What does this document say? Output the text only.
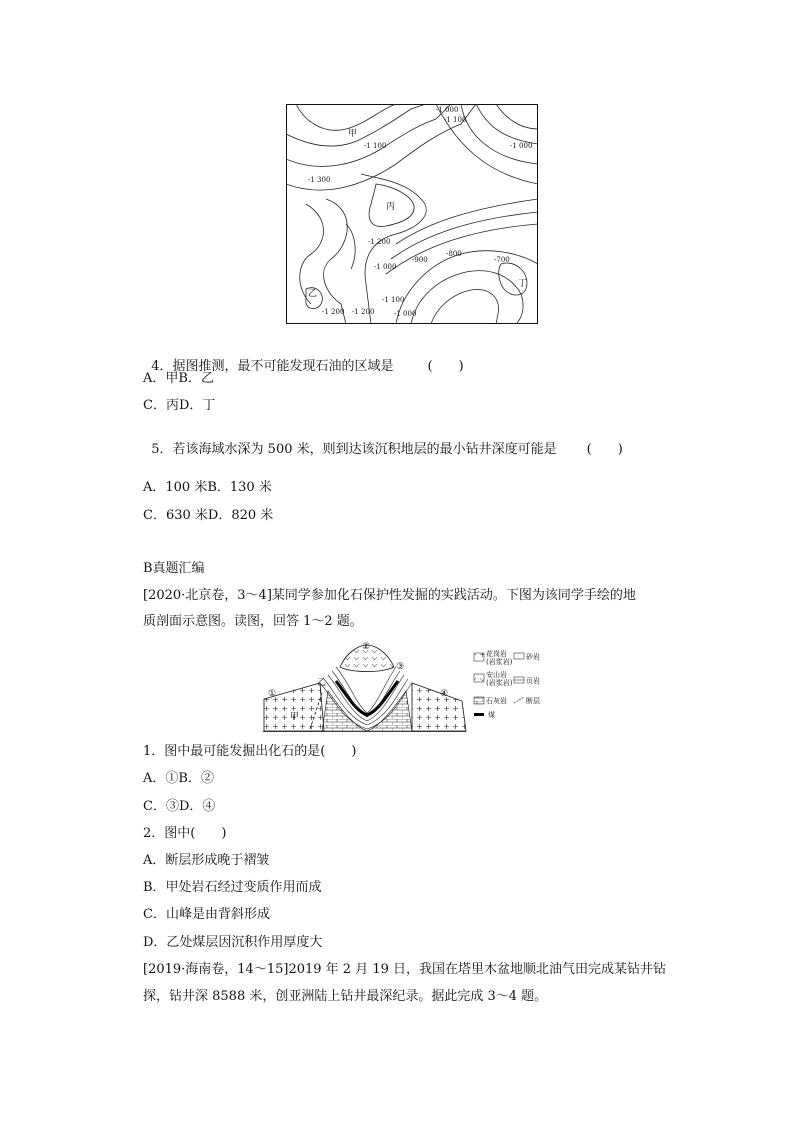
-1 000
-1 100
-1 100	-1 000
-1 300
-1 200
-1 000
-900
-800
-700
-1 200 -1 200
-1 100
-1 000
甲
乙
丙
丁

4．据图推测，最不可能发现石油的区域是	(　　)

A．甲B．乙
C．丙D．丁

5．若该海域水深为 500 米，则到达该沉积地层的最小钻井深度可能是 (　　)

A．100 米B．130 米
C．630 米D．820 米
B真题汇编
[2020·北京卷，3～4]某同学参加化石保护性发掘的实践活动。下图为该同学手绘的地
质剖面示意图。读图，回答 1～2 题。
①
②
③
④
甲
乙
花岗岩
(岩浆岩)
砂岩
安山岩
(岩浆岩) 页岩
石灰岩	断层
煤
1．图中最可能发掘出化石的是(　　)
A．①B．②
C．③D．④
2．图中(　　)
A．断层形成晚于褶皱
B．甲处岩石经过变质作用而成
C．山峰是由背斜形成
D．乙处煤层因沉积作用厚度大
[2019·海南卷，14～15]2019 年 2 月 19 日，我国在塔里木盆地顺北油气田完成某钻井钻
探，钻井深 8588 米，创亚洲陆上钻井最深纪录。据此完成 3～4 题。
